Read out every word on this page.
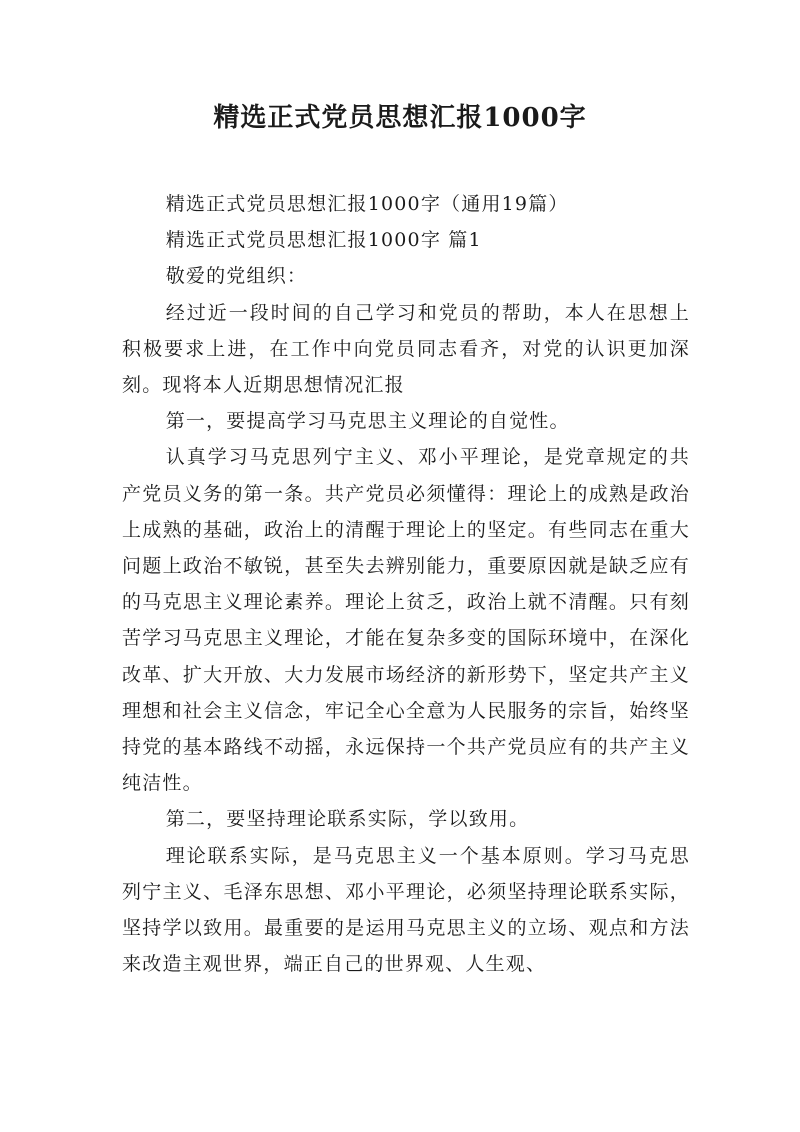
精选正式党员思想汇报1000字

精选正式党员思想汇报1000字（通用19篇）

精选正式党员思想汇报1000字 篇1

敬爱的党组织：

经过近一段时间的自己学习和党员的帮助，本人在思想上积极要求上进，在工作中向党员同志看齐，对党的认识更加深刻。现将本人近期思想情况汇报

第一，要提高学习马克思主义理论的自觉性。

认真学习马克思列宁主义、邓小平理论，是党章规定的共产党员义务的第一条。共产党员必须懂得：理论上的成熟是政治上成熟的基础，政治上的清醒于理论上的坚定。有些同志在重大问题上政治不敏锐，甚至失去辨别能力，重要原因就是缺乏应有的马克思主义理论素养。理论上贫乏，政治上就不清醒。只有刻苦学习马克思主义理论，才能在复杂多变的国际环境中，在深化改革、扩大开放、大力发展市场经济的新形势下，坚定共产主义理想和社会主义信念，牢记全心全意为人民服务的宗旨，始终坚持党的基本路线不动摇，永远保持一个共产党员应有的共产主义纯洁性。

第二，要坚持理论联系实际，学以致用。

理论联系实际，是马克思主义一个基本原则。学习马克思列宁主义、毛泽东思想、邓小平理论，必须坚持理论联系实际，坚持学以致用。最重要的是运用马克思主义的立场、观点和方法来改造主观世界，端正自己的世界观、人生观、
